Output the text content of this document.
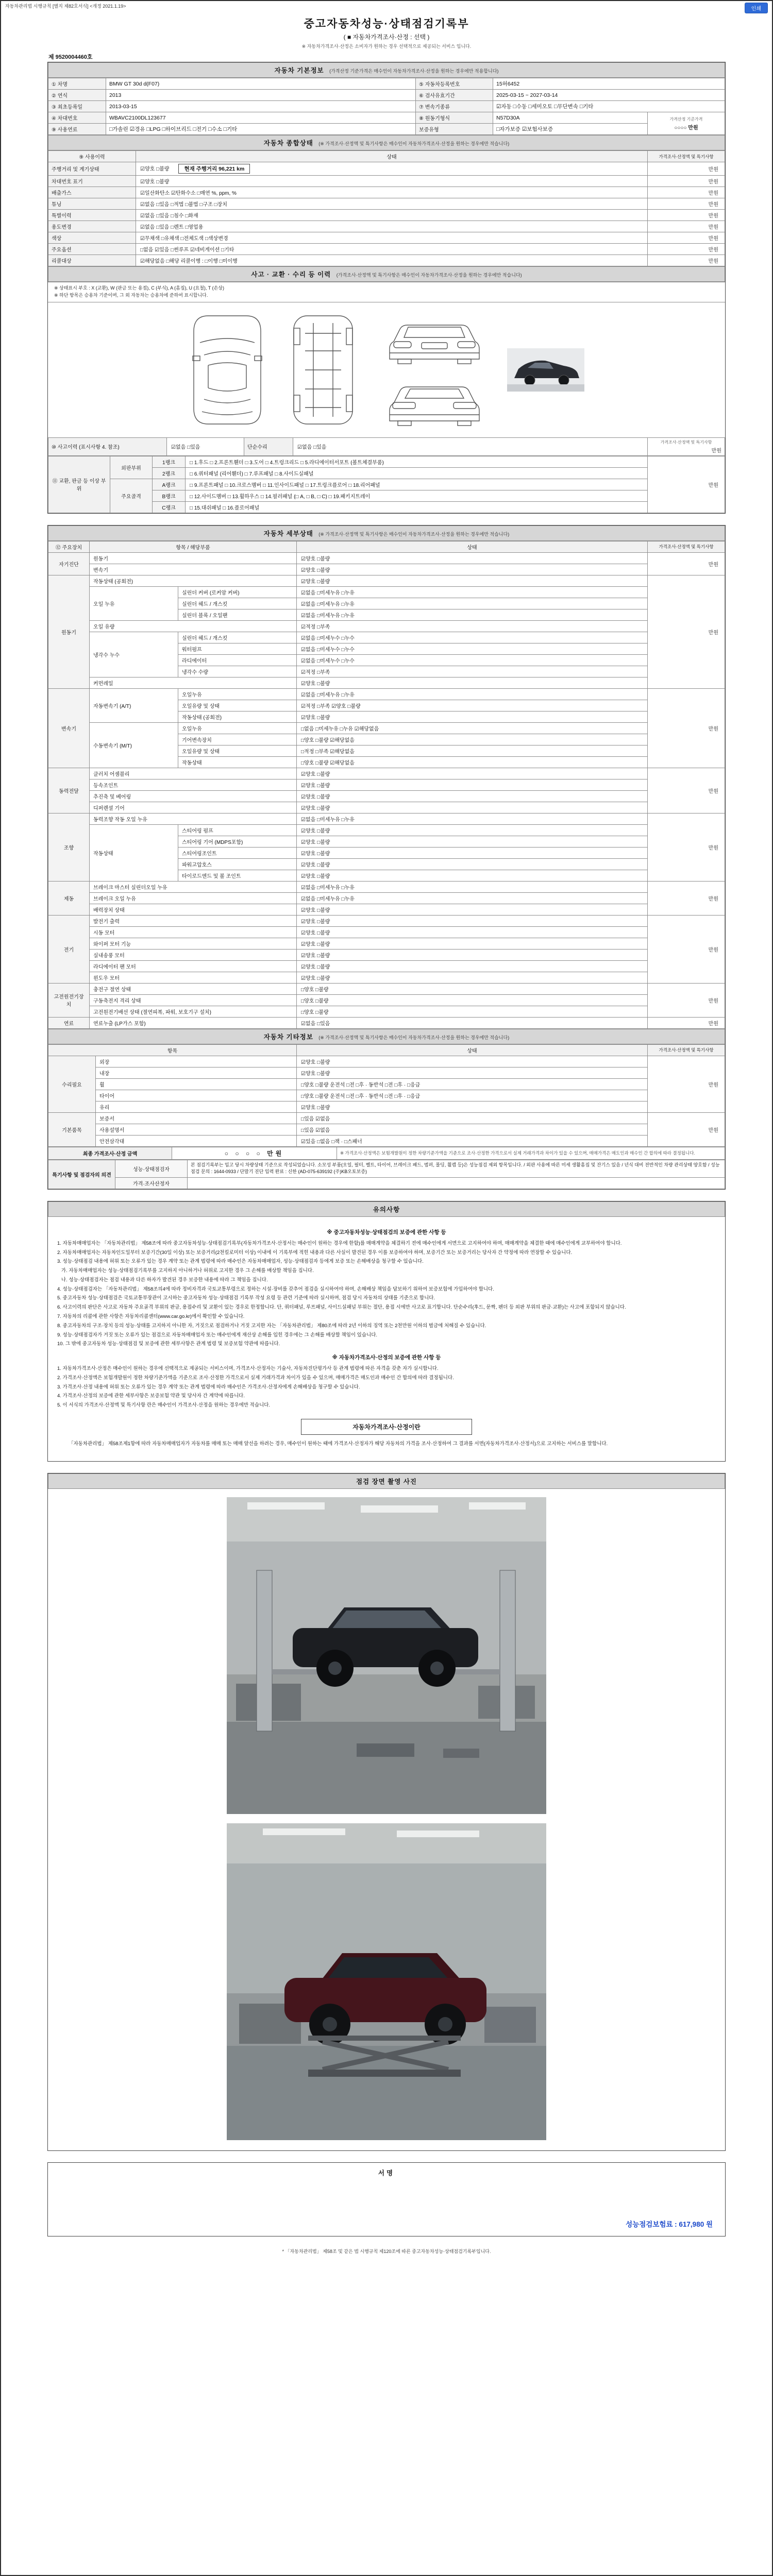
자동차관리법 시행규칙 [별지 제82호서식] <개정 2021.1.19>	인쇄
중고자동차성능·상태점검기록부
( ■ 자동차가격조사·산정 : 선택 )
※ 자동차가격조사·산정은 소비자가 원하는 경우 선택적으로 제공되는 서비스 입니다.
제 9520004460호
자동차 기본정보 (가격산정 기준가격은 매수인이 자동차가격조사·산정을 원하는 경우에만 적용합니다)
① 차명	BMW GT 30d d(F07)	⑤ 자동차등록번호	15허6452	
② 연식	2013	⑥ 검사유효기간	2025-03-15 ~ 2027-03-14	
③ 최초등록일	2013-03-15	⑦ 변속기종류	☑자동 □수동 □세미오토 □무단변속 □기타	
④ 차대번호	WBAVC2100DL123677	⑧ 원동기형식	N57D30A	가격산정 기준가격
○○○○ 만원

⑨ 사용연료	□가솔린 ☑경유 □LPG □하이브리드 □전기 □수소 □기타	보증유형	□자가보증 ☑보험사보증	
자동차 종합상태 (※ 가격조사·산정액 및 특기사항은 매수인이 자동차가격조사·산정을 원하는 경우에만 적습니다)
⑨ 사용이력	상태	가격조사·산정액 및 특기사항
주행거리 및 계기상태	☑양호 □불량 현재 주행거리 96,221 km	만원
차대번호 표기	☑양호 □불량	만원
배출가스	☑일산화탄소 ☑탄화수소 □매연 %, ppm, %	만원
튜닝	☑없음 □있음 □적법 □불법 □구조 □장치	만원
특별이력	☑없음 □있음 □침수 □화재	만원
용도변경	☑없음 □있음 □렌트 □영업용	만원
색상	☑무채색 □유채색 □전체도색 □색상변경	만원
주요옵션	□없음 ☑있음 □썬루프 ☑네비게이션 □기타	만원
리콜대상	☑해당없음 □해당 리콜이행 : □이행 □미이행	만원
사고 · 교환 · 수리 등 이력 (가격조사·산정액 및 특기사항은 매수인이 자동차가격조사·산정을 원하는 경우에만 적습니다)
※ 상태표시 부호 : X (교환), W (판금 또는 용접), C (부식), A (흠집), U (요철), T (손상)
※ 하단 항목은 승용차 기준이며, 그 외 자동차는 승용차에 준하여 표시합니다.
⑩ 사고이력 (표시사항 4. 참조)	☑없음 □있음	단순수리	☑없음 □있음	
가격조사·산정액 및 특기사항
만원
⑪ 교환, 판금 등 이상 부위	외판부위	1랭크	□ 1.후드 □ 2.프론트휀더 □ 3.도어 □ 4.트렁크리드 □ 5.라디에이터서포트 (볼트체결부품)	만원
		2랭크	□ 6.쿼터패널 (리어휀더) □ 7.루프패널 □ 8.사이드실패널	
	주요골격	A랭크	□ 9.프론트패널 □ 10.크로스멤버 □ 11.인사이드패널 □ 17.트렁크플로어 □ 18.리어패널	
		B랭크	□ 12.사이드멤버 □ 13.휠하우스 □ 14.필러패널 (□ A, □ B, □ C) □ 19.패키지트레이	
		C랭크	□ 15.대쉬패널 □ 16.플로어패널	
자동차 세부상태 (※ 가격조사·산정액 및 특기사항은 매수인이 자동차가격조사·산정을 원하는 경우에만 적습니다)
⑫ 주요장치	항목 / 해당부품		상태	가격조사·산정액 및 특기사항
자기진단	원동기		☑양호 □불량	만원
	변속기		☑양호 □불량	
원동기	작동상태 (공회전)		☑양호 □불량	만원
	오일 누유	실린더 커버 (로커암 커버)	☑없음 □미세누유 □누유	
		실린더 헤드 / 개스킷	☑없음 □미세누유 □누유	
		실린더 블록 / 오일팬	☑없음 □미세누유 □누유	
	오일 유량		☑적정 □부족	
	냉각수 누수	실린더 헤드 / 개스킷	☑없음 □미세누수 □누수	
		워터펌프	☑없음 □미세누수 □누수	
		라디에이터	☑없음 □미세누수 □누수	
		냉각수 수량	☑적정 □부족	
	커먼레일		☑양호 □불량	
변속기	자동변속기 (A/T)	오일누유	☑없음 □미세누유 □누유	만원
		오일유량 및 상태	☑적정 □부족 ☑양호 □불량	
		작동상태 (공회전)	☑양호 □불량	
	수동변속기 (M/T)	오일누유	□없음 □미세누유 □누유 ☑해당없음	
		기어변속장치	□양호 □불량 ☑해당없음	
		오일유량 및 상태	□적정 □부족 ☑해당없음	
		작동상태	□양호 □불량 ☑해당없음	
동력전달	클러치 어셈블리		☑양호 □불량	만원
	등속조인트		☑양호 □불량	
	추진축 및 베어링		☑양호 □불량	
	디퍼렌셜 기어		☑양호 □불량	
조향	동력조향 작동 오일 누유		☑없음 □미세누유 □누유	만원
	작동상태	스티어링 펌프	☑양호 □불량	
		스티어링 기어 (MDPS포함)	☑양호 □불량	
		스티어링조인트	☑양호 □불량	
		파워고압호스	☑양호 □불량	
		타이로드엔드 및 볼 조인트	☑양호 □불량	
제동	브레이크 마스터 실린더오일 누유		☑없음 □미세누유 □누유	만원
	브레이크 오일 누유		☑없음 □미세누유 □누유	
	배력장치 상태		☑양호 □불량	
전기	발전기 출력		☑양호 □불량	만원
	시동 모터		☑양호 □불량	
	와이퍼 모터 기능		☑양호 □불량	
	실내송풍 모터		☑양호 □불량	
	라디에이터 팬 모터		☑양호 □불량	
	윈도우 모터		☑양호 □불량	
고전원전기장치	충전구 절연 상태		□양호 □불량	만원
	구동축전지 격리 상태		□양호 □불량	
	고전원전기배선 상태 (절연피복, 파워, 보호기구 설치)		□양호 □불량	
연료	연료누출 (LP가스 포함)		☑없음 □있음	만원
자동차 기타정보 (※ 가격조사·산정액 및 특기사항은 매수인이 자동차가격조사·산정을 원하는 경우에만 적습니다)
항목		상태	가격조사·산정액 및 특기사항
수리필요	외장	☑양호 □불량	만원
	내장	☑양호 □불량	
	휠	□양호 □불량 운전석 □전 □후 · 동반석 □전 □후 · □응급	
	타이어	□양호 □불량 운전석 □전 □후 · 동반석 □전 □후 · □응급	
	유리	☑양호 □불량	
기본품목	보증서	□있음 ☑없음	만원
	사용설명서	□있음 ☑없음	
	안전삼각대	☑있음 □없음 □잭 · □스패너	
최종 가격조사·산정 금액	○ ○ ○ ○ 만원	※ 가격조사·산정액은 보험개발원이 정한 차량기준가액을 기준으로 조사·산정한 가격으로서 실제 거래가격과 차이가 있을 수 있으며, 매매가격은 매도인과 매수인 간 합의에 따라 결정됩니다.
특기사항 및 점검자의 의견	성능·상태점검자	본 점검기록부는 입고 당시 차량상태 기준으로 작성되었습니다. 소모성 부품(오일, 필터, 벨트, 타이어, 브레이크 패드, 범퍼, 몰딩, 휠캡 등)은 성능점검 제외 항목입니다. / 외판 사용에 따른 미세 생활흠집 및 잔기스 있음 / 년식 대비 전반적인 차량 관리상태 양호함 / 성능점검 문의 : 1644-0933 / 단말기 진단 입력 완료 : 신한 (AD-075-639192 (주)KB오토보증)
	가격·조사산정자	
유의사항
※ 중고자동차성능·상태점검의 보증에 관한 사항 등
1. 자동차매매업자는 「자동차관리법」 제58조에 따라 중고자동차성능·상태점검기록부(자동차가격조사·산정서는 매수인이 원하는 경우에 한함)를 매매계약을 체결하기 전에 매수인에게 서면으로 고지하여야 하며, 매매계약을 체결한 때에 매수인에게 교부하여야 합니다.
2. 자동차매매업자는 자동차인도일부터 보증기간(30일 이상) 또는 보증거리(2천킬로미터 이상) 이내에 이 기록부에 적힌 내용과 다른 사실이 발견된 경우 이를 보증하여야 하며, 보증기간 또는 보증거리는 당사자 간 약정에 따라 연장할 수 있습니다.
3. 성능·상태점검 내용에 허위 또는 오류가 있는 경우 계약 또는 관계 법령에 따라 매수인은 자동차매매업자, 성능·상태점검자 등에게 보증 또는 손해배상을 청구할 수 있습니다.
가. 자동차매매업자는 성능·상태점검기록부를 고지하지 아니하거나 허위로 고지한 경우 그 손해를 배상할 책임을 집니다.
나. 성능·상태점검자는 점검 내용과 다른 하자가 발견된 경우 보증한 내용에 따라 그 책임을 집니다.
4. 성능·상태점검자는 「자동차관리법」 제58조의4에 따라 정비자격과 국토교통부령으로 정하는 시설·장비를 갖추어 점검을 실시하여야 하며, 손해배상 책임을 담보하기 위하여 보증보험에 가입하여야 합니다.
5. 중고자동차 성능·상태점검은 국토교통부장관이 고시하는 중고자동차 성능·상태점검 기록부 작성 요령 등 관련 기준에 따라 실시하며, 점검 당시 자동차의 상태를 기준으로 합니다.
6. 사고이력의 판단은 사고로 자동차 주요골격 부위의 판금, 용접수리 및 교환이 있는 경우로 한정합니다. 단, 쿼터패널, 루프패널, 사이드실패널 부위는 절단, 용접 시에만 사고로 표기합니다. 단순수리(후드, 문짝, 펜더 등 외판 부위의 판금·교환)는 사고에 포함되지 않습니다.
7. 자동차의 리콜에 관한 사항은 자동차리콜센터(www.car.go.kr)에서 확인할 수 있습니다.
8. 중고자동차의 구조·장치 등의 성능·상태를 고지하지 아니한 자, 거짓으로 점검하거나 거짓 고지한 자는 「자동차관리법」 제80조에 따라 2년 이하의 징역 또는 2천만원 이하의 벌금에 처해질 수 있습니다.
9. 성능·상태점검자가 거짓 또는 오류가 있는 점검으로 자동차매매업자 또는 매수인에게 재산상 손해를 입힌 경우에는 그 손해를 배상할 책임이 있습니다.
10. 그 밖에 중고자동차 성능·상태점검 및 보증에 관한 세부사항은 관계 법령 및 보증보험 약관에 따릅니다.
※ 자동차가격조사·산정의 보증에 관한 사항 등
1. 자동차가격조사·산정은 매수인이 원하는 경우에 선택적으로 제공되는 서비스이며, 가격조사·산정자는 기술사, 자동차진단평가사 등 관계 법령에 따른 자격을 갖춘 자가 실시합니다.
2. 가격조사·산정액은 보험개발원이 정한 차량기준가액을 기준으로 조사·산정한 가격으로서 실제 거래가격과 차이가 있을 수 있으며, 매매가격은 매도인과 매수인 간 합의에 따라 결정됩니다.
3. 가격조사·산정 내용에 허위 또는 오류가 있는 경우 계약 또는 관계 법령에 따라 매수인은 가격조사·산정자에게 손해배상을 청구할 수 있습니다.
4. 가격조사·산정의 보증에 관한 세부사항은 보증보험 약관 및 당사자 간 계약에 따릅니다.
5. 이 서식의 가격조사·산정액 및 특기사항 란은 매수인이 가격조사·산정을 원하는 경우에만 적습니다.
자동차가격조사·산정이란
「자동차관리법」 제58조제1항에 따라 자동차매매업자가 자동차를 매매 또는 매매 알선을 하려는 경우, 매수인이 원하는 때에 가격조사·산정자가 해당 자동차의 가격을 조사·산정하여 그 결과를 서면(자동차가격조사·산정서)으로 고지하는 서비스를 말합니다.
점검 장면 촬영 사진
서명
성능점검보험료 : 617,980 원
* 「자동차관리법」 제58조 및 같은 법 시행규칙 제120조에 따른 중고자동차성능·상태점검기록부입니다.
